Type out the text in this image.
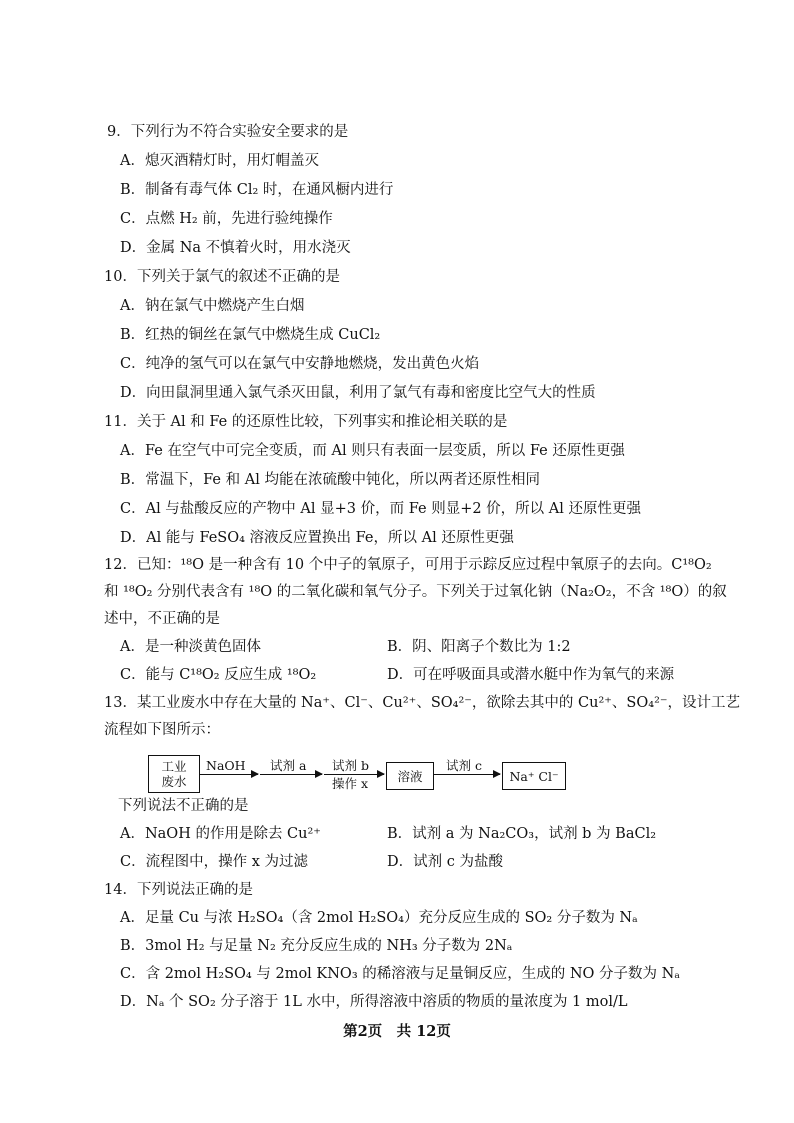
9．下列行为不符合实验安全要求的是
A．熄灭酒精灯时，用灯帽盖灭
B．制备有毒气体 Cl₂ 时，在通风橱内进行
C．点燃 H₂ 前，先进行验纯操作
D．金属 Na 不慎着火时，用水浇灭
10．下列关于氯气的叙述不正确的是
A．钠在氯气中燃烧产生白烟
B．红热的铜丝在氯气中燃烧生成 CuCl₂
C．纯净的氢气可以在氯气中安静地燃烧，发出黄色火焰
D．向田鼠洞里通入氯气杀灭田鼠，利用了氯气有毒和密度比空气大的性质
11．关于 Al 和 Fe 的还原性比较，下列事实和推论相关联的是
A．Fe 在空气中可完全变质，而 Al 则只有表面一层变质，所以 Fe 还原性更强
B．常温下，Fe 和 Al 均能在浓硫酸中钝化，所以两者还原性相同
C．Al 与盐酸反应的产物中 Al 显+3 价，而 Fe 则显+2 价，所以 Al 还原性更强
D．Al 能与 FeSO₄ 溶液反应置换出 Fe，所以 Al 还原性更强
12．已知：¹⁸O 是一种含有 10 个中子的氧原子，可用于示踪反应过程中氧原子的去向。C¹⁸O₂
和 ¹⁸O₂ 分别代表含有 ¹⁸O 的二氧化碳和氧气分子。下列关于过氧化钠（Na₂O₂，不含 ¹⁸O）的叙
述中，不正确的是
A．是一种淡黄色固体	B．阴、阳离子个数比为 1:2
C．能与 C¹⁸O₂ 反应生成 ¹⁸O₂	D．可在呼吸面具或潜水艇中作为氧气的来源
13．某工业废水中存在大量的 Na⁺、Cl⁻、Cu²⁺、SO₄²⁻，欲除去其中的 Cu²⁺、SO₄²⁻，设计工艺
流程如下图所示：
工业
废水
NaOH 试剂 a 试剂 b
操作 x	溶液
试剂 c
Na⁺ Cl⁻
下列说法不正确的是
A．NaOH 的作用是除去 Cu²⁺	B．试剂 a 为 Na₂CO₃，试剂 b 为 BaCl₂
C．流程图中，操作 x 为过滤	D．试剂 c 为盐酸
14．下列说法正确的是
A．足量 Cu 与浓 H₂SO₄（含 2mol H₂SO₄）充分反应生成的 SO₂ 分子数为 Nₐ
B．3mol H₂ 与足量 N₂ 充分反应生成的 NH₃ 分子数为 2Nₐ
C．含 2mol H₂SO₄ 与 2mol KNO₃ 的稀溶液与足量铜反应，生成的 NO 分子数为 Nₐ
D．Nₐ 个 SO₂ 分子溶于 1L 水中，所得溶液中溶质的物质的量浓度为 1 mol/L
第2页　共 12页
